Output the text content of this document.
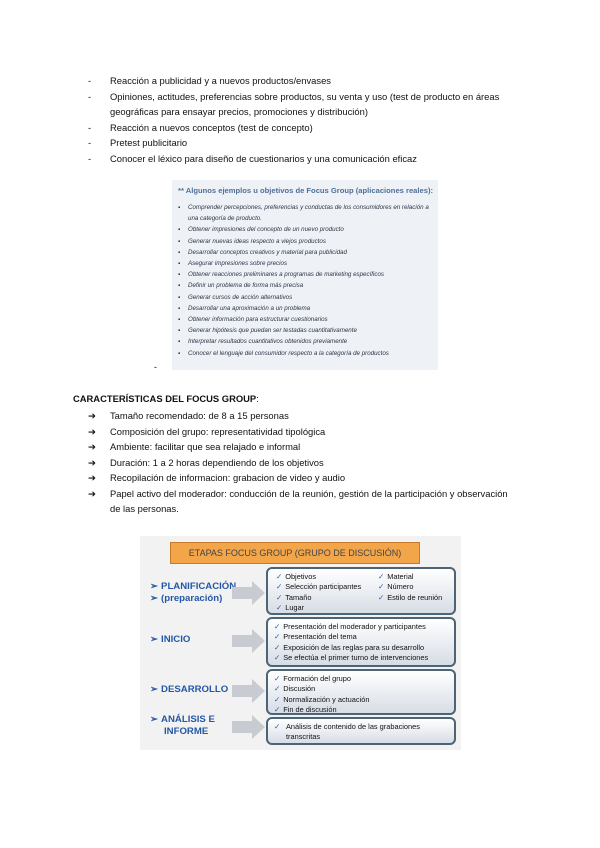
- Reacción a publicidad y a nuevos productos/envases
- Opiniones, actitudes, preferencias sobre productos, su venta y uso (test de producto en áreas geográficas para ensayar precios, promociones y distribución)
- Reacción a nuevos conceptos (test de concepto)
- Pretest publicitario
- Conocer el léxico para diseño de cuestionarios y una comunicación eficaz
** Algunos ejemplos u objetivos de Focus Group (aplicaciones reales):
▪ Comprender percepciones, preferencias y conductas de los consumidores en relación a una categoría de producto.
▪ Obtener impresiones del concepto de un nuevo producto
▪ Generar nuevas ideas respecto a viejos productos
▪ Desarrollar conceptos creativos y material para publicidad
▪ Asegurar impresiones sobre precios
▪ Obtener reacciones preliminares a programas de marketing específicos
▪ Definir un problema de forma más precisa
▪ Generar cursos de acción alternativos
▪ Desarrollar una aproximación a un problema
▪ Obtener información para estructurar cuestionarios
▪ Generar hipótesis que puedan ser testadas cuantitativamente
▪ Interpretar resultados cuantitativos obtenidos previamente
▪ Conocer el lenguaje del consumidor respecto a la categoría de productos
-
CARACTERÍSTICAS DEL FOCUS GROUP:
➔ Tamaño recomendado: de 8 a 15 personas
➔ Composición del grupo: representatividad tipológica
➔ Ambiente: facilitar que sea relajado e informal
➔ Duración: 1 a 2 horas dependiendo de los objetivos
➔ Recopilación de informacion: grabacion de video y audio
➔ Papel activo del moderador: conducción de la reunión, gestión de la participación y observación de las personas.
ETAPAS FOCUS GROUP (GRUPO DE DISCUSIÓN)
➢ PLANIFICACIÓN
➢ (preparación)
➢ INICIO
➢ DESARROLLO
➢ ANÁLISIS E
INFORME
✓ Objetivos
✓ Selección participantes
✓ Tamaño
✓ Lugar
✓ Material
✓ Número
✓ Estilo de reunión
✓ Presentación del moderador y participantes
✓ Presentación del tema
✓ Exposición de las reglas para su desarrollo
✓ Se efectúa el primer turno de intervenciones
✓ Formación del grupo
✓ Discusión
✓ Normalización y actuación
✓ Fin de discusión
✓ Análisis de contenido de las grabaciones transcritas
